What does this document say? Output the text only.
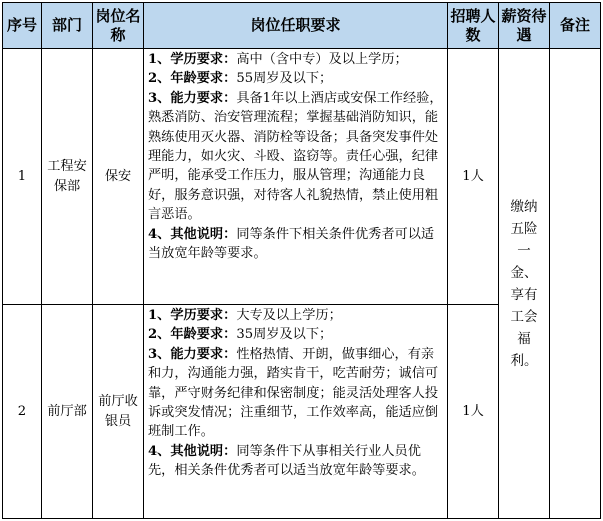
序号	部门	岗位名称	岗位任职要求	招聘人数	薪资待遇	备注
1	工程安保部	保安	1、学历要求：高中（含中专）及以上学历；
2、年龄要求：55周岁及以下；
3、能力要求：具备1年以上酒店或安保工作经验，熟悉消防、治安管理流程；掌握基础消防知识，能熟练使用灭火器、消防栓等设备；具备突发事件处理能力，如火灾、斗殴、盗窃等。责任心强，纪律严明，能承受工作压力，服从管理；沟通能力良好，服务意识强，对待客人礼貌热情，禁止使用粗言恶语。
4、其他说明：同等条件下相关条件优秀者可以适当放宽年龄等要求。	1人	缴纳五险一金、享有工会福利。	
2	前厅部	前厅收银员	1、学历要求：大专及以上学历；
2、年龄要求：35周岁及以下；
3、能力要求：性格热情、开朗，做事细心，有亲和力，沟通能力强，踏实肯干，吃苦耐劳；诚信可靠，严守财务纪律和保密制度；能灵活处理客人投诉或突发情况；注重细节，工作效率高，能适应倒班制工作。
4、其他说明：同等条件下从事相关行业人员优先，相关条件优秀者可以适当放宽年龄等要求。	1人		
